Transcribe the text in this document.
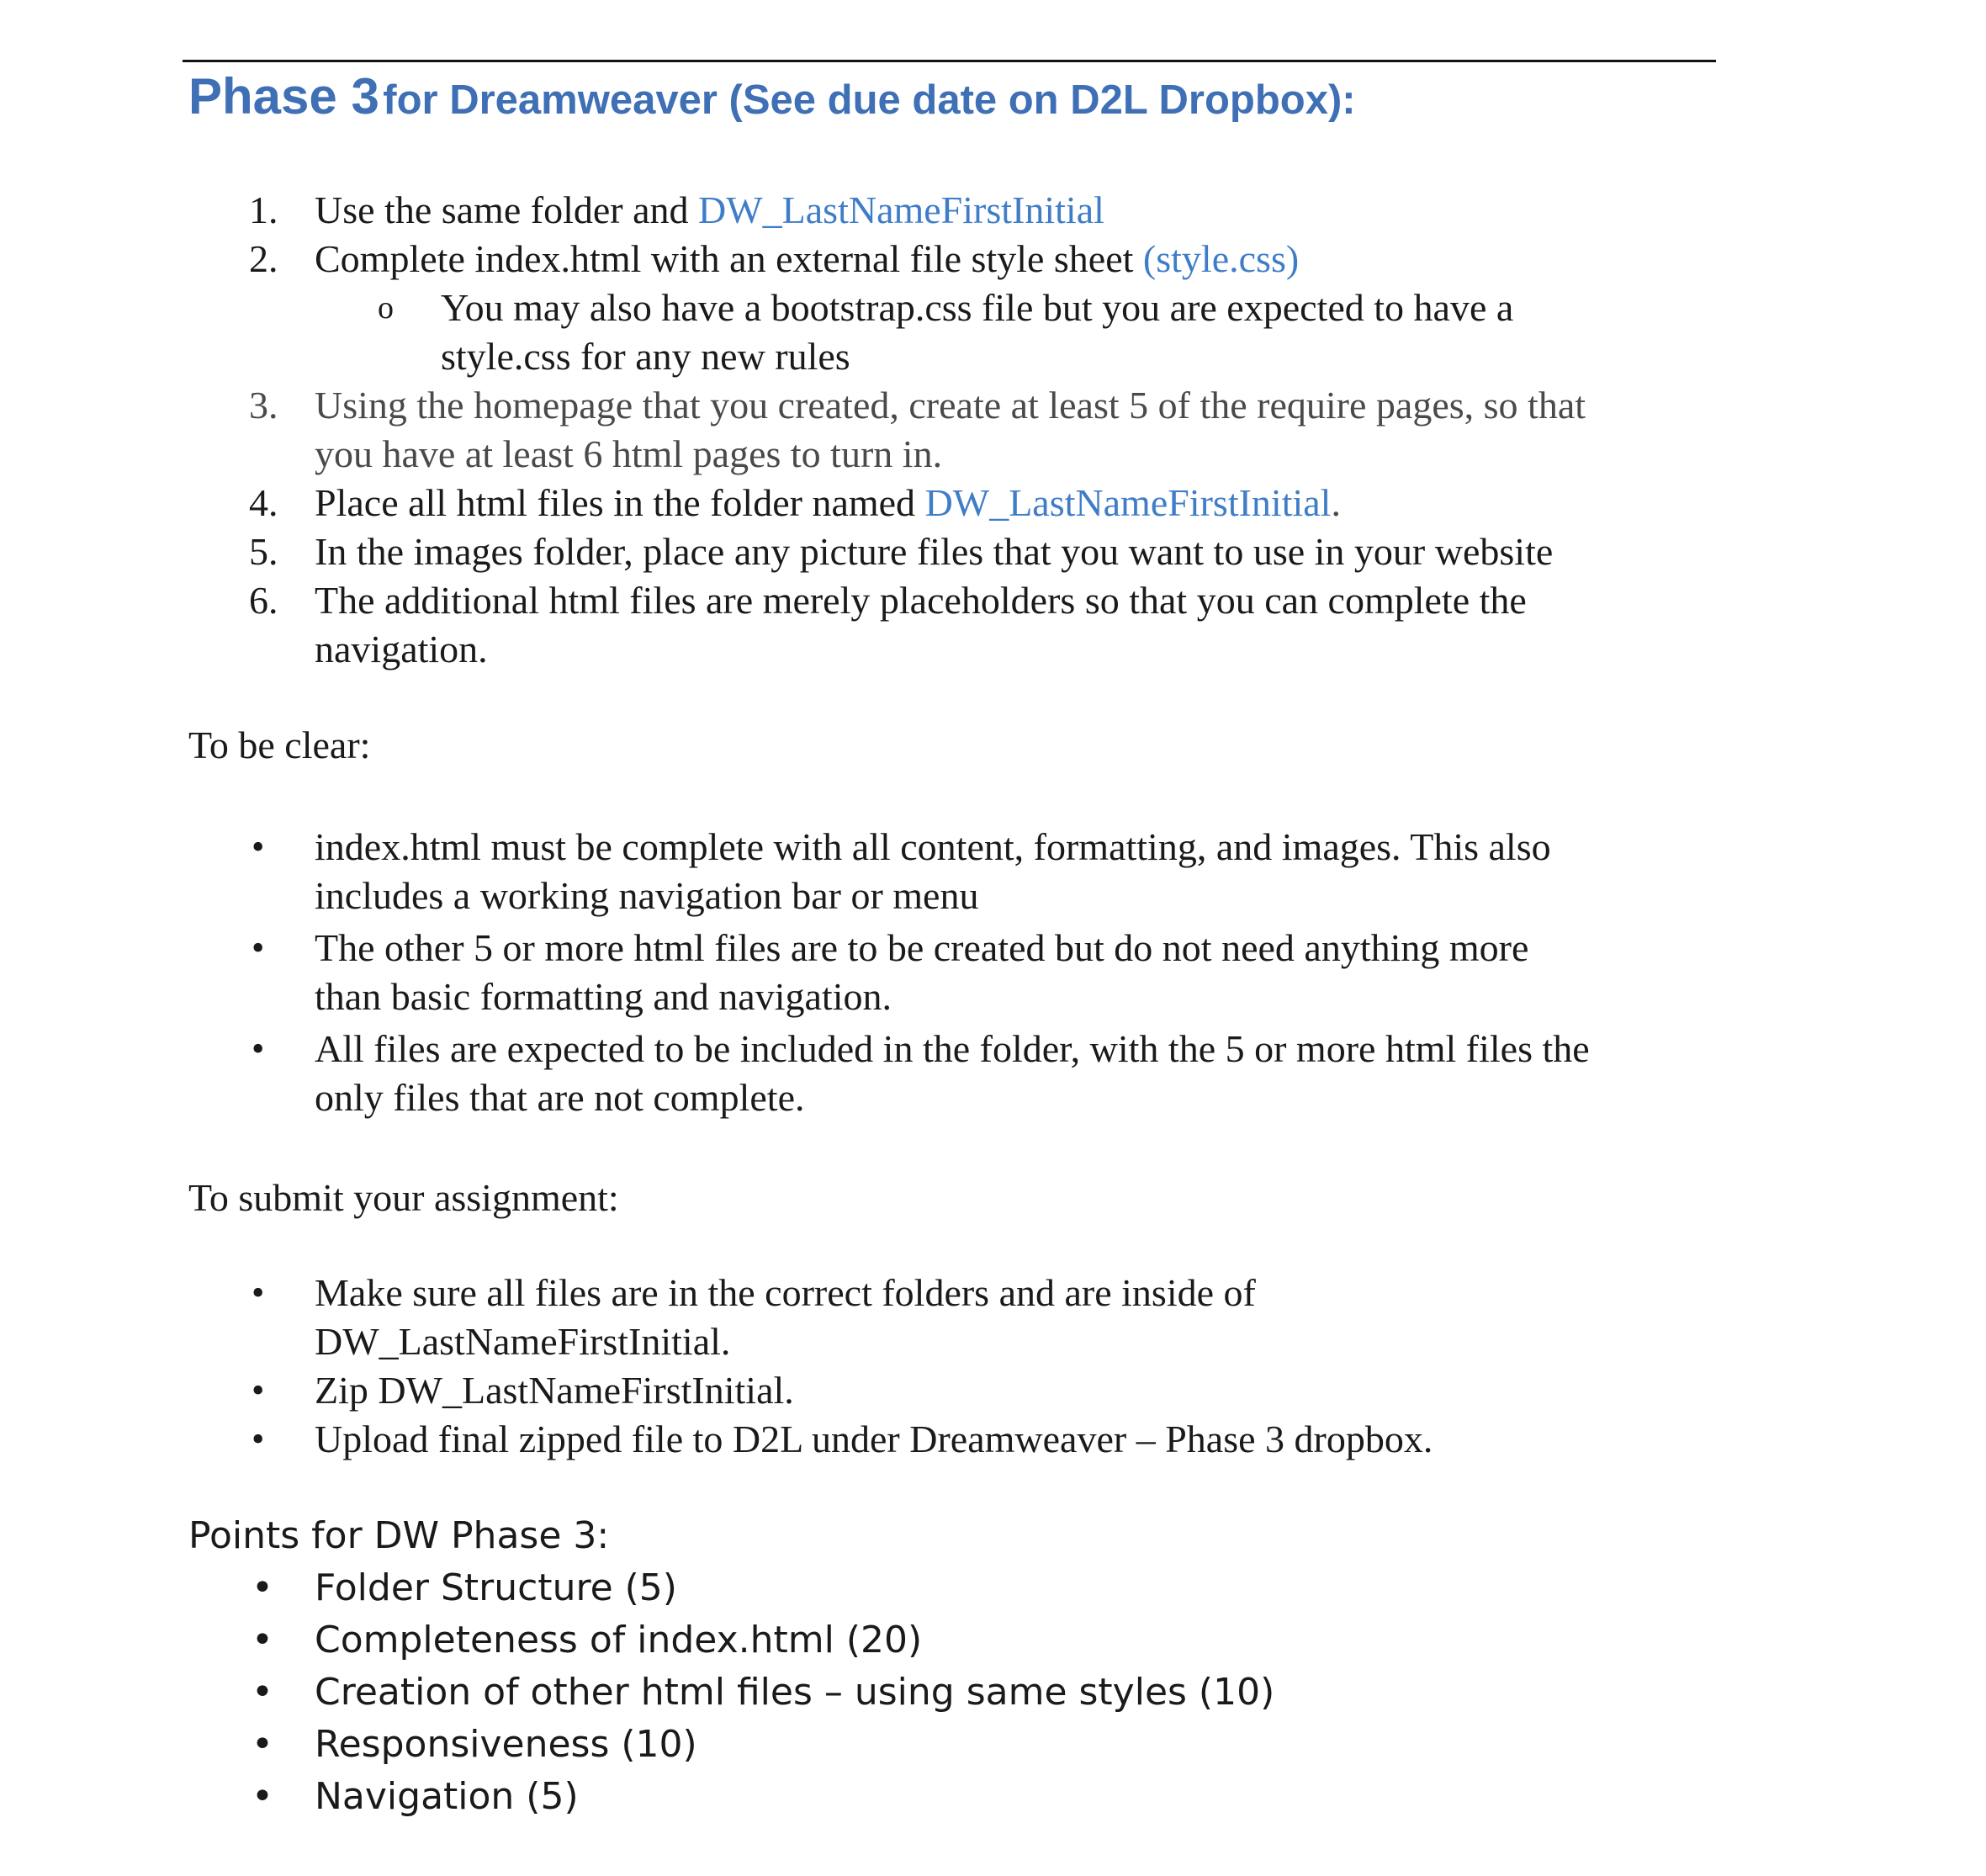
Phase 3 for Dreamweaver (See due date on D2L Dropbox):
1. Use the same folder and DW_LastNameFirstInitial
2. Complete index.html with an external file style sheet (style.css)
o You may also have a bootstrap.css file but you are expected to have a
style.css for any new rules
3. Using the homepage that you created, create at least 5 of the require pages, so that
you have at least 6 html pages to turn in.
4. Place all html files in the folder named DW_LastNameFirstInitial.
5. In the images folder, place any picture files that you want to use in your website
6. The additional html files are merely placeholders so that you can complete the
navigation.
To be clear:
• index.html must be complete with all content, formatting, and images. This also
includes a working navigation bar or menu
• The other 5 or more html files are to be created but do not need anything more
than basic formatting and navigation.
• All files are expected to be included in the folder, with the 5 or more html files the
only files that are not complete.
To submit your assignment:
• Make sure all files are in the correct folders and are inside of
DW_LastNameFirstInitial.
• Zip DW_LastNameFirstInitial.
• Upload final zipped file to D2L under Dreamweaver – Phase 3 dropbox.
Points for DW Phase 3:
• Folder Structure (5)
• Completeness of index.html (20)
• Creation of other html files – using same styles (10)
• Responsiveness (10)
• Navigation (5)
